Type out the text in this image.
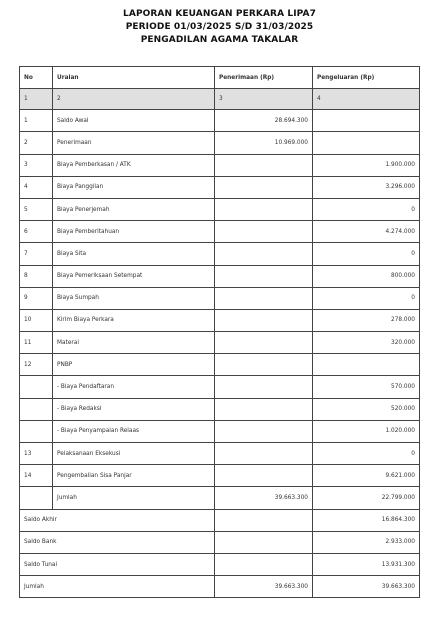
LAPORAN KEUANGAN PERKARA LIPA7
PERIODE 01/03/2025 S/D 31/03/2025
PENGADILAN AGAMA TAKALAR
No	Uraian	Penerimaan (Rp)	Pengeluaran (Rp)
1	2	3	4
1	Saldo Awal	28.694.300	
2	Penerimaan	10.969.000	
3	Biaya Pemberkasan / ATK		1.900.000
4	Biaya Panggilan		3.296.000
5	Biaya Penerjemah		0
6	Biaya Pemberitahuan		4.274.000
7	Biaya Sita		0
8	Biaya Pemeriksaan Setempat		800.000
9	Biaya Sumpah		0
10	Kirim Biaya Perkara		278.000
11	Materai		320.000
12	PNBP		
	- Biaya Pendaftaran		570.000
	- Biaya Redaksi		520.000
	- Biaya Penyampaian Relaas		1.020.000
13	Pelaksanaan Eksekusi		0
14	Pengembalian Sisa Panjar		9.621.000
	Jumlah	39.663.300	22.799.000
Saldo Akhir			16.864.300
Saldo Bank			2.933.000
Saldo Tunai			13.931.300
Jumlah		39.663.300	39.663.300
